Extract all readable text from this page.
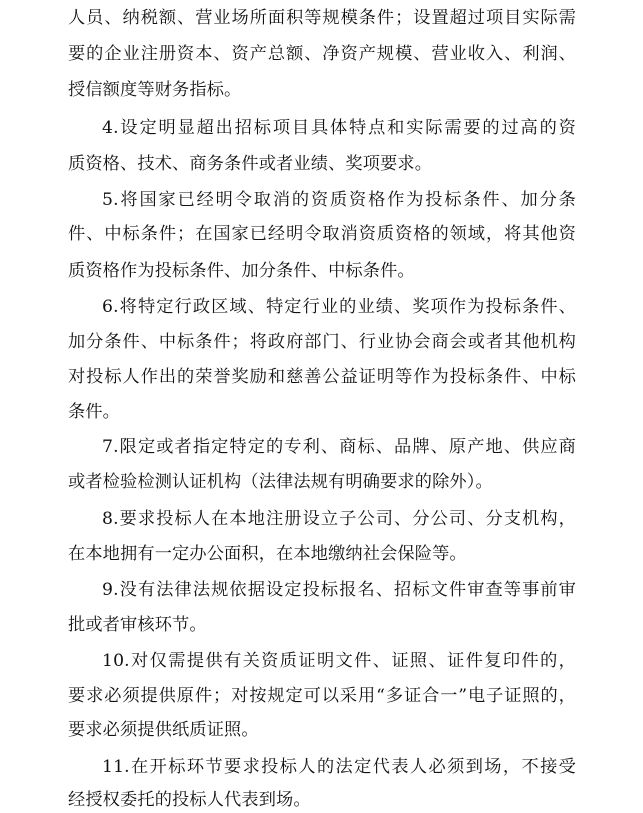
人员、纳税额、营业场所面积等规模条件；设置超过项目实际需
要的企业注册资本、资产总额、净资产规模、营业收入、利润、
授信额度等财务指标。
4.设定明显超出招标项目具体特点和实际需要的过高的资
质资格、技术、商务条件或者业绩、奖项要求。
5.将国家已经明令取消的资质资格作为投标条件、加分条
件、中标条件；在国家已经明令取消资质资格的领域，将其他资
质资格作为投标条件、加分条件、中标条件。
6.将特定行政区域、特定行业的业绩、奖项作为投标条件、
加分条件、中标条件；将政府部门、行业协会商会或者其他机构
对投标人作出的荣誉奖励和慈善公益证明等作为投标条件、中标
条件。
7.限定或者指定特定的专利、商标、品牌、原产地、供应商
或者检验检测认证机构（法律法规有明确要求的除外）。
8.要求投标人在本地注册设立子公司、分公司、分支机构，
在本地拥有一定办公面积，在本地缴纳社会保险等。
9.没有法律法规依据设定投标报名、招标文件审查等事前审
批或者审核环节。
10.对仅需提供有关资质证明文件、证照、证件复印件的，
要求必须提供原件；对按规定可以采用“多证合一”电子证照的，
要求必须提供纸质证照。
11.在开标环节要求投标人的法定代表人必须到场，不接受
经授权委托的投标人代表到场。
